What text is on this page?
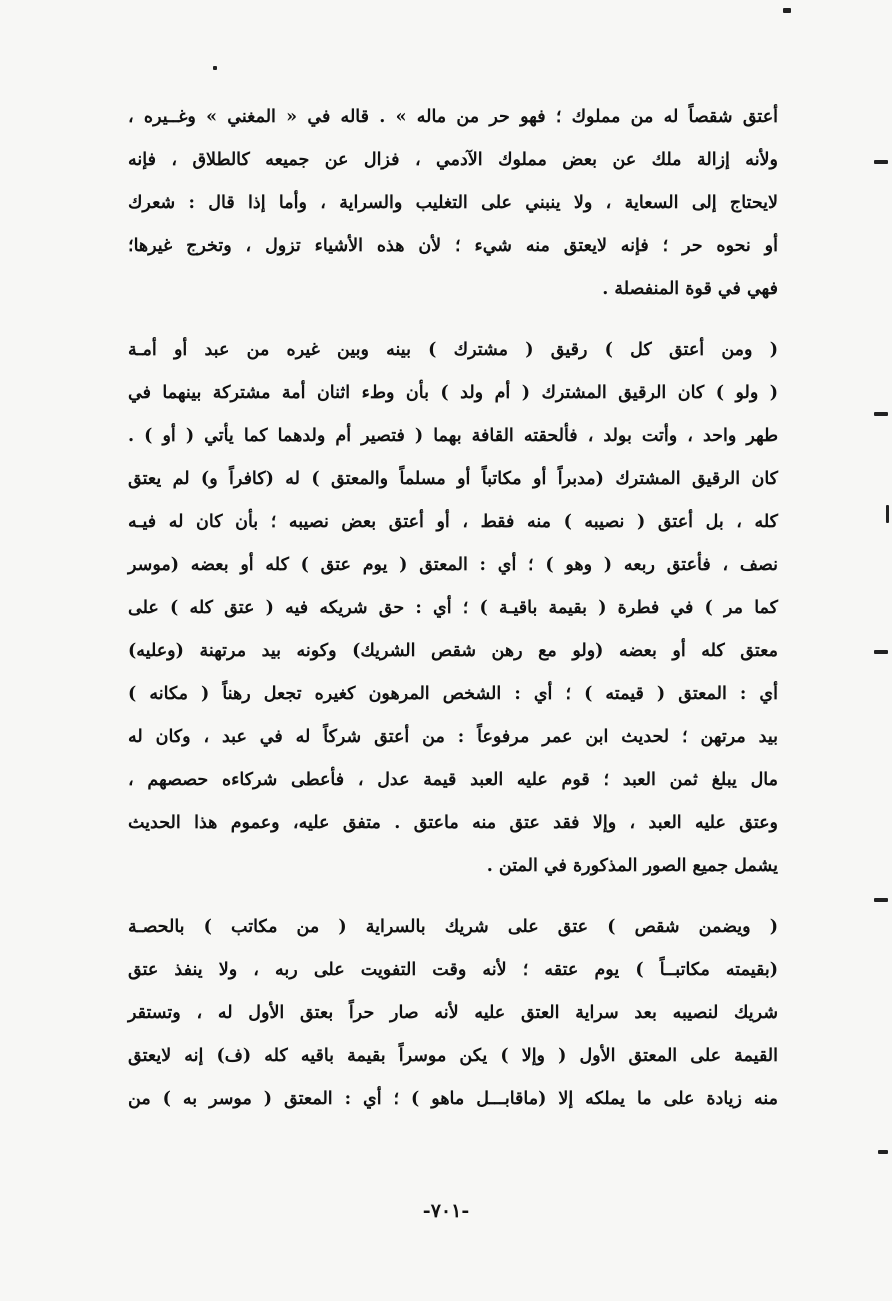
أعتق شقصاً له من مملوك ؛ فهو حر من ماله » . قاله في « المغني » وغــيره ،
ولأنه إزالة ملك عن بعض مملوك الآدمي ، فزال عن جميعه كالطلاق ، فإنه
لايحتاج إلى السعاية ، ولا ينبني على التغليب والسراية ، وأما إذا قال : شعرك
أو نحوه حر ؛ فإنه لايعتق منه شيء ؛ لأن هذه الأشياء تزول ، وتخرج غيرها؛
فهي في قوة المنفصلة .
( ومن أعتق كل ) رقيق ( مشترك ) بينه وبين غيره من عبد أو أمـة
( ولو ) كان الرقيق المشترك ( أم ولد ) بأن وطء اثنان أمة مشتركة بينهما في
طهر واحد ، وأتت بولد ، فألحقته القافة بهما ( فتصير أم ولدهما كما يأتي ( أو ) .
كان الرقيق المشترك (مدبراً أو مكاتباً أو مسلماً والمعتق ) له (كافراً و) لم يعتق
كله ، بل أعتق ( نصيبه ) منه فقط ، أو أعتق بعض نصيبه ؛ بأن كان له فيـه
نصف ، فأعتق ربعه ( وهو ) ؛ أي : المعتق ( يوم عتق ) كله أو بعضه (موسر
كما مر ) في فطرة ( بقيمة باقيـة ) ؛ أي : حق شريكه فيه ( عتق كله ) على
معتق كله أو بعضه (ولو مع رهن شقص الشريك) وكونه بيد مرتهنة (وعليه)
أي : المعتق ( قيمته ) ؛ أي : الشخص المرهون كغيره تجعل رهناً ( مكانه )
بيد مرتهن ؛ لحديث ابن عمر مرفوعاً : من أعتق شركاً له في عبد ، وكان له
مال يبلغ ثمن العبد ؛ قوم عليه العبد قيمة عدل ، فأعطى شركاءه حصصهم ،
وعتق عليه العبد ، وإلا فقد عتق منه ماعتق . متفق عليه، وعموم هذا الحديث
يشمل جميع الصور المذكورة في المتن .
( ويضمن شقص ) عتق على شريك بالسراية ( من مكاتب ) بالحصـة
(بقيمته مكاتبــاً ) يوم عتقه ؛ لأنه وقت التفويت على ربه ، ولا ينفذ عتق
شريك لنصيبه بعد سراية العتق عليه لأنه صار حراً بعتق الأول له ، وتستقر
القيمة على المعتق الأول ( وإلا ) يكن موسراً بقيمة باقيه كله (ف) إنه لايعتق
منه زيادة على ما يملكه إلا (ماقابـــل ماهو ) ؛ أي : المعتق ( موسر به ) من
-٧٠١-
